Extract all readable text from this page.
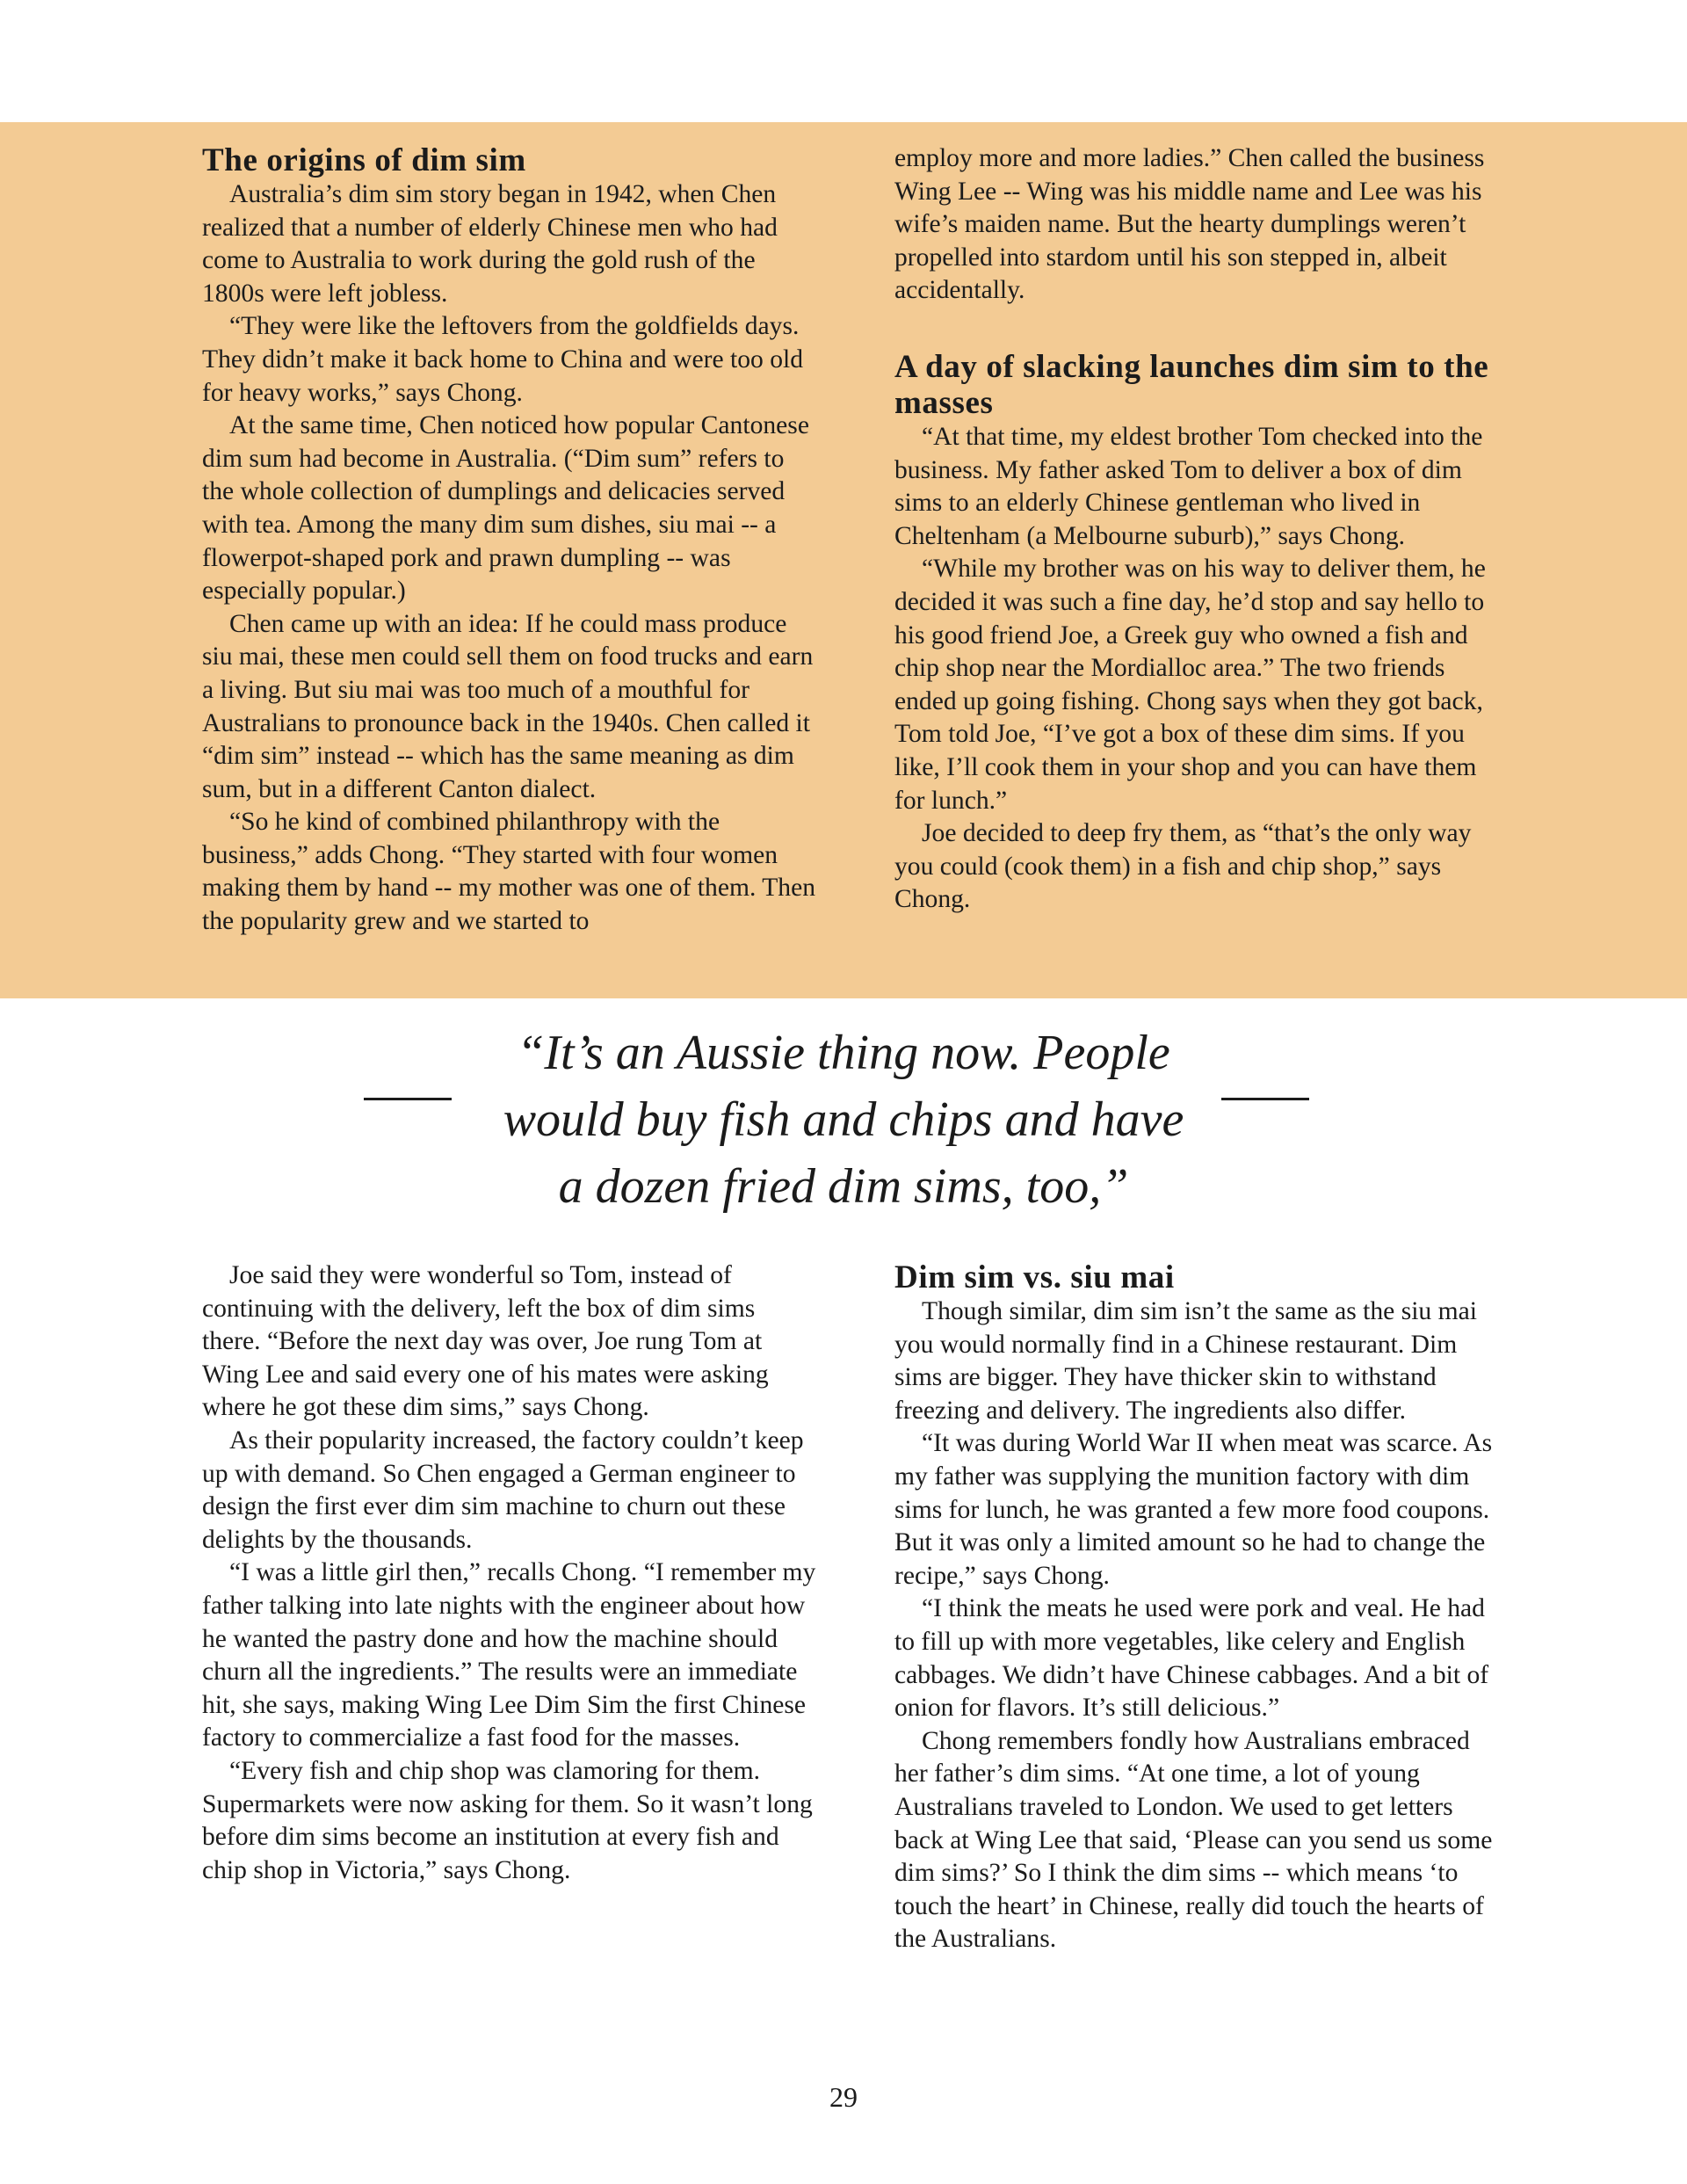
The origins of dim sim

Australia’s dim sim story began in 1942, when Chen realized that a number of elderly Chinese men who had come to Australia to work during the gold rush of the 1800s were left jobless.

“They were like the leftovers from the goldfields days. They didn’t make it back home to China and were too old for heavy works,” says Chong.

At the same time, Chen noticed how popular Cantonese dim sum had become in Australia. (“Dim sum” refers to the whole collection of dumplings and delicacies served with tea. Among the many dim sum dishes, siu mai -- a flowerpot-shaped pork and prawn dumpling -- was especially popular.)

Chen came up with an idea: If he could mass produce siu mai, these men could sell them on food trucks and earn a living. But siu mai was too much of a mouthful for Australians to pronounce back in the 1940s. Chen called it “dim sim” instead -- which has the same meaning as dim sum, but in a different Canton dialect.

“So he kind of combined philanthropy with the business,” adds Chong. “They started with four women making them by hand -- my mother was one of them. Then the popularity grew and we started to

employ more and more ladies.” Chen called the business Wing Lee -- Wing was his middle name and Lee was his wife’s maiden name. But the hearty dumplings weren’t propelled into stardom until his son stepped in, albeit accidentally.

A day of slacking launches dim sim to the masses

“At that time, my eldest brother Tom checked into the business. My father asked Tom to deliver a box of dim sims to an elderly Chinese gentleman who lived in Cheltenham (a Melbourne suburb),” says Chong.

“While my brother was on his way to deliver them, he decided it was such a fine day, he’d stop and say hello to his good friend Joe, a Greek guy who owned a fish and chip shop near the Mordialloc area.” The two friends ended up going fishing. Chong says when they got back, Tom told Joe, “I’ve got a box of these dim sims. If you like, I’ll cook them in your shop and you can have them for lunch.”

Joe decided to deep fry them, as “that’s the only way you could (cook them) in a fish and chip shop,” says Chong.

“It’s an Aussie thing now. People
would buy fish and chips and have
a dozen fried dim sims, too,”

Joe said they were wonderful so Tom, instead of continuing with the delivery, left the box of dim sims there. “Before the next day was over, Joe rung Tom at Wing Lee and said every one of his mates were asking where he got these dim sims,” says Chong.

As their popularity increased, the factory couldn’t keep up with demand. So Chen engaged a German engineer to design the first ever dim sim machine to churn out these delights by the thousands.

“I was a little girl then,” recalls Chong. “I remember my father talking into late nights with the engineer about how he wanted the pastry done and how the machine should churn all the ingredients.” The results were an immediate hit, she says, making Wing Lee Dim Sim the first Chinese factory to commercialize a fast food for the masses.

“Every fish and chip shop was clamoring for them. Supermarkets were now asking for them. So it wasn’t long before dim sims become an institution at every fish and chip shop in Victoria,” says Chong.

Dim sim vs. siu mai

Though similar, dim sim isn’t the same as the siu mai you would normally find in a Chinese restaurant. Dim sims are bigger. They have thicker skin to withstand freezing and delivery. The ingredients also differ.

“It was during World War II when meat was scarce. As my father was supplying the munition factory with dim sims for lunch, he was granted a few more food coupons. But it was only a limited amount so he had to change the recipe,” says Chong.

“I think the meats he used were pork and veal. He had to fill up with more vegetables, like celery and English cabbages. We didn’t have Chinese cabbages. And a bit of onion for flavors. It’s still delicious.”

Chong remembers fondly how Australians embraced her father’s dim sims. “At one time, a lot of young Australians traveled to London. We used to get letters back at Wing Lee that said, ‘Please can you send us some dim sims?’ So I think the dim sims -- which means ‘to touch the heart’ in Chinese, really did touch the hearts of the Australians.

29
